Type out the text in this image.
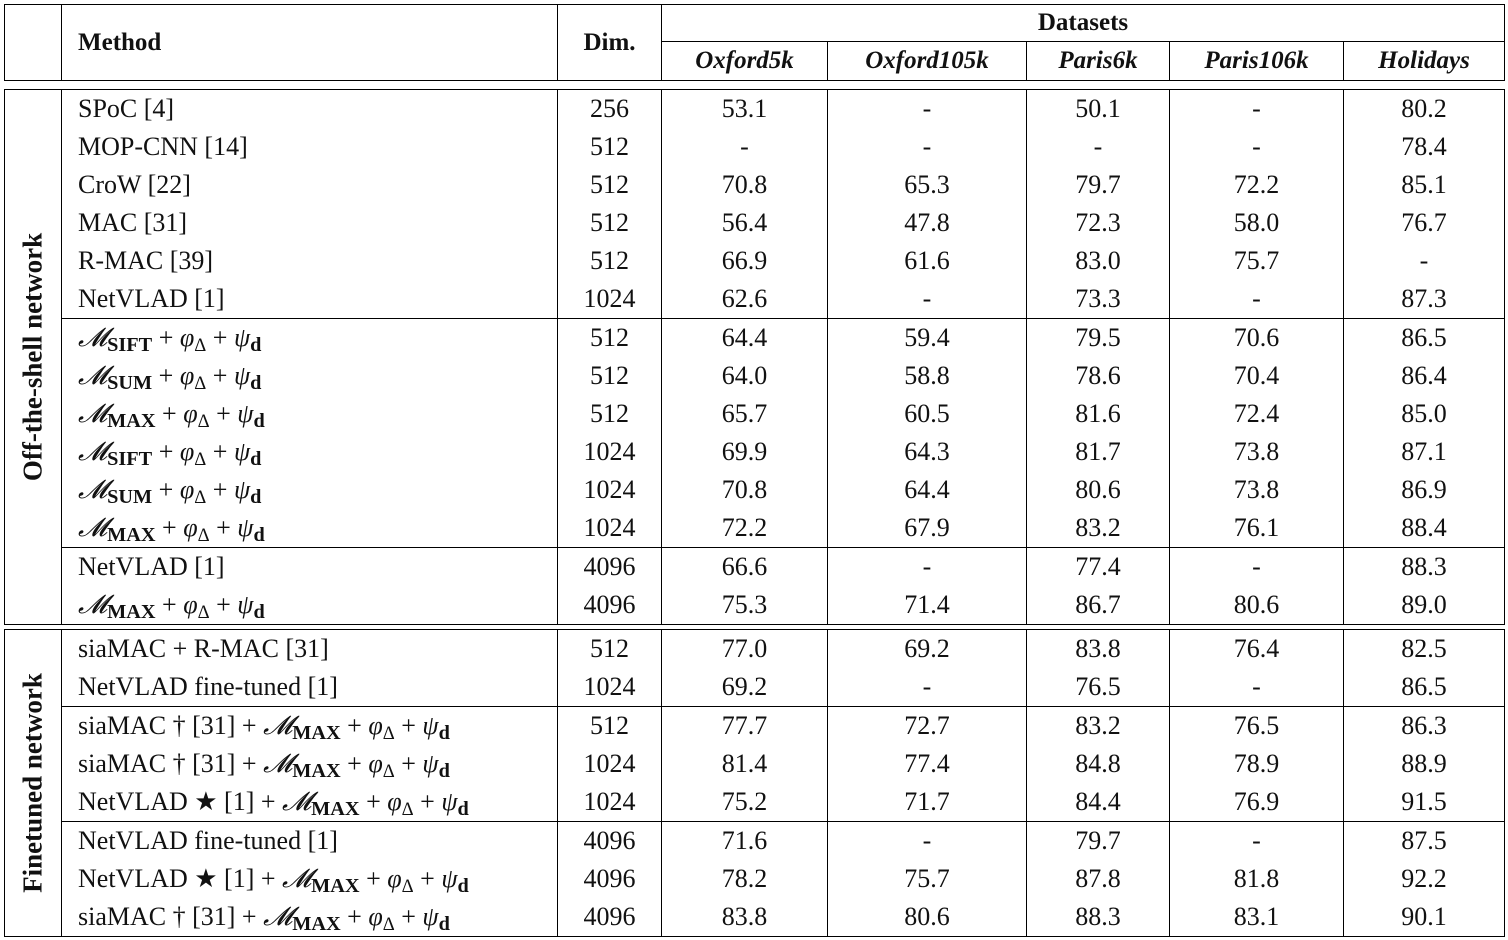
	Method	Dim.	Datasets				
			Oxford5k	Oxford105k	Paris6k	Paris106k	Holidays
Off-the-shell network	SPoC [4]	256	53.1	-	50.1	-	80.2
	MOP-CNN [14]	512	-	-	-	-	78.4
	CroW [22]	512	70.8	65.3	79.7	72.2	85.1
	MAC [31]	512	56.4	47.8	72.3	58.0	76.7
	R-MAC [39]	512	66.9	61.6	83.0	75.7	-
	NetVLAD [1]	1024	62.6	-	73.3	-	87.3
	𝓜$_{SIFT}$ + $\varphi_\Delta + \psi_d$	512	64.4	59.4	79.5	70.6	86.5
	𝓜$_{SUM}$ + $\varphi_\Delta + \psi_d$	512	64.0	58.8	78.6	70.4	86.4
	𝓜$_{MAX}$ + $\varphi_\Delta + \psi_d$	512	65.7	60.5	81.6	72.4	85.0
	𝓜$_{SIFT}$ + $\varphi_\Delta + \psi_d$	1024	69.9	64.3	81.7	73.8	87.1
	𝓜$_{SUM}$ + $\varphi_\Delta + \psi_d$	1024	70.8	64.4	80.6	73.8	86.9
	𝓜$_{MAX}$ + $\varphi_\Delta + \psi_d$	1024	72.2	67.9	83.2	76.1	88.4
	NetVLAD [1]	4096	66.6	-	77.4	-	88.3
	𝓜$_{MAX}$ + $\varphi_\Delta + \psi_d$	4096	75.3	71.4	86.7	80.6	89.0
Finetuned network	siaMAC + R-MAC [31]	512	77.0	69.2	83.8	76.4	82.5
	NetVLAD fine-tuned [1]	1024	69.2	-	76.5	-	86.5
	siaMAC † [31] + 𝓜$_{MAX}$ + $\varphi_\Delta + \psi_d$	512	77.7	72.7	83.2	76.5	86.3
	siaMAC † [31] + 𝓜$_{MAX}$ + $\varphi_\Delta + \psi_d$	1024	81.4	77.4	84.8	78.9	88.9
	NetVLAD ★ [1] + 𝓜$_{MAX}$ + $\varphi_\Delta + \psi_d$	1024	75.2	71.7	84.4	76.9	91.5
	NetVLAD fine-tuned [1]	4096	71.6	-	79.7	-	87.5
	NetVLAD ★ [1] + 𝓜$_{MAX}$ + $\varphi_\Delta + \psi_d$	4096	78.2	75.7	87.8	81.8	92.2
	siaMAC † [31] + 𝓜$_{MAX}$ + $\varphi_\Delta + \psi_d$	4096	83.8	80.6	88.3	83.1	90.1
